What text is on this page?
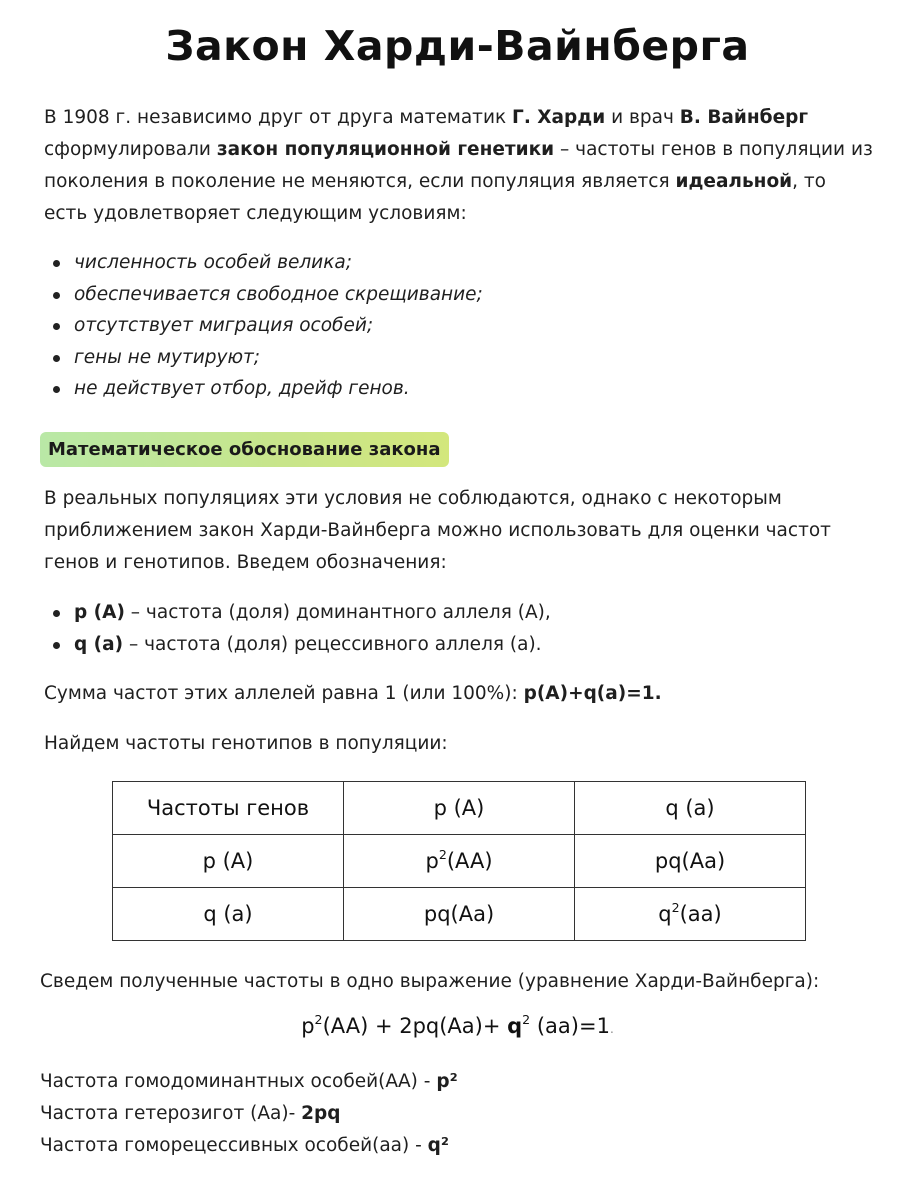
Закон Харди-Вайнберга

В 1908 г. независимо друг от друга математик Г. Харди и врач В. Вайнберг сформулировали закон популяционной генетики – частоты генов в популяции из поколения в поколение не меняются, если популяция является идеальной, то есть удовлетворяет следующим условиям:

численность особей велика;
обеспечивается свободное скрещивание;
отсутствует миграция особей;
гены не мутируют;
не действует отбор, дрейф генов.
Математическое обоснование закона

В реальных популяциях эти условия не соблюдаются, однако с некоторым приближением закон Харди-Вайнберга можно использовать для оценки частот генов и генотипов. Введем обозначения:

p (A) – частота (доля) доминантного аллеля (А),
q (a) – частота (доля) рецессивного аллеля (а).

Сумма частот этих аллелей равна 1 (или 100%): p(A)+q(a)=1.

Найдем частоты генотипов в популяции:

Частоты генов	p (A)	q (a)
p (A)	$p^2(AA)$	pq(Aa)
q (a)	pq(Aa)	$q^2(aa)$

Сведем полученные частоты в одно выражение (уравнение Харди-Вайнберга):

$p^2(AA) + 2pq(Aa)+ q^2$ (aa)=1.

Частота гомодоминантных особей(АА) - p²

Частота гетерозигот (Аа)- 2pq

Частота гоморецессивных особей(аа) - q²
